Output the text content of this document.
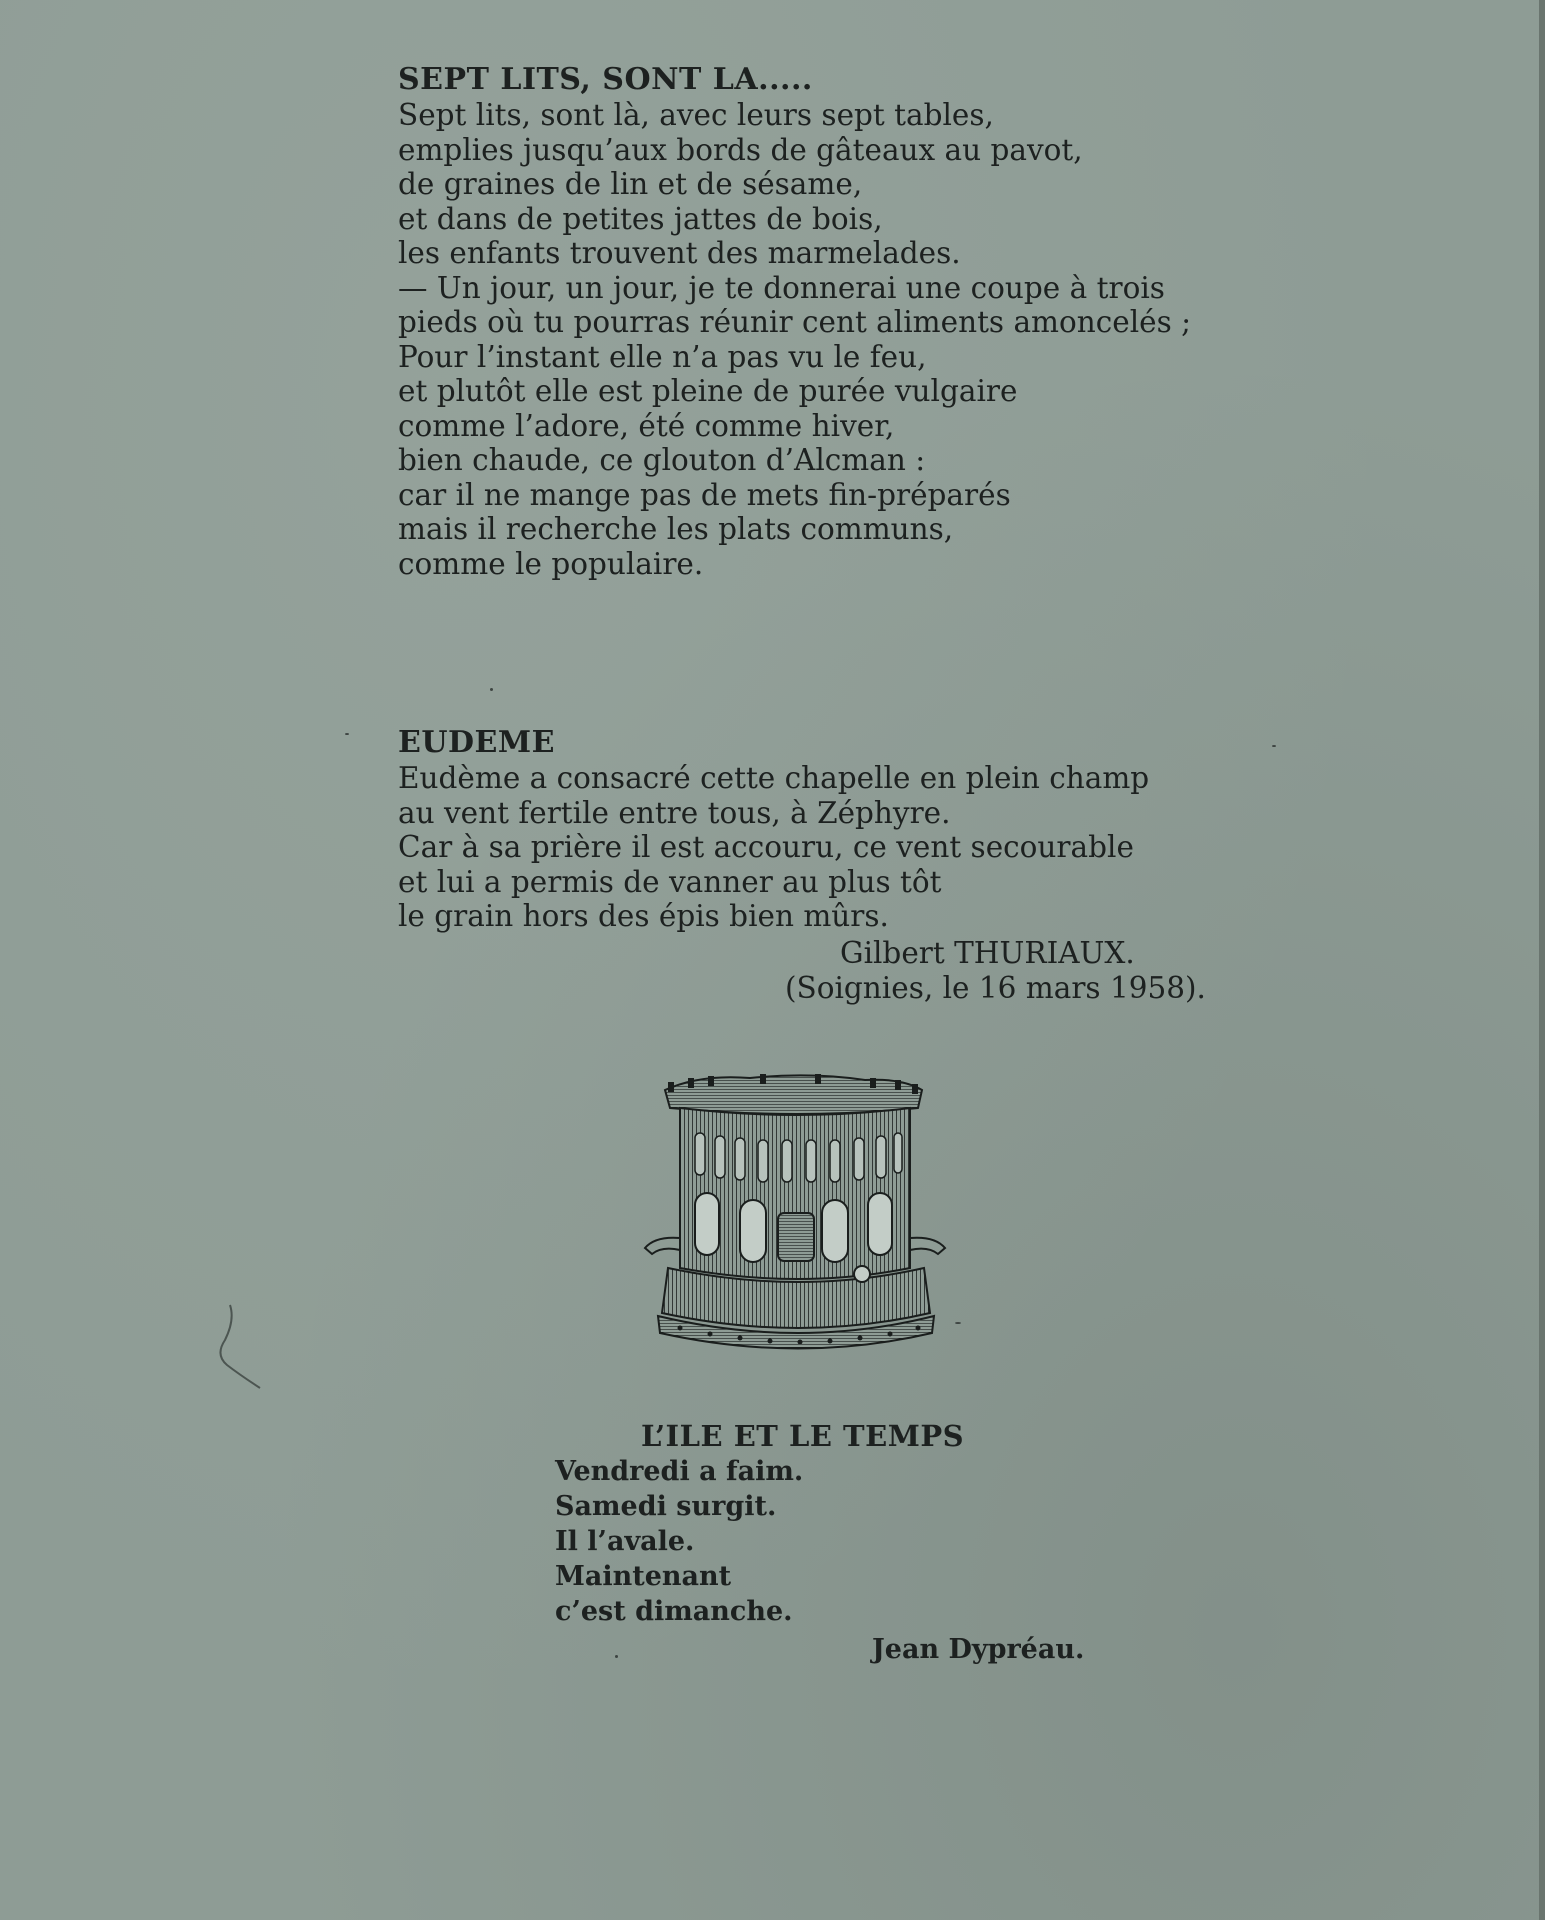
SEPT LITS, SONT LA.....

Sept lits, sont là, avec leurs sept tables,

emplies jusqu’aux bords de gâteaux au pavot,

de graines de lin et de sésame,

et dans de petites jattes de bois,

les enfants trouvent des marmelades.

— Un jour, un jour, je te donnerai une coupe à trois

pieds où tu pourras réunir cent aliments amoncelés ;

Pour l’instant elle n’a pas vu le feu,

et plutôt elle est pleine de purée vulgaire

comme l’adore, été comme hiver,

bien chaude, ce glouton d’Alcman :

car il ne mange pas de mets fin-préparés

mais il recherche les plats communs,

comme le populaire.

EUDEME

Eudème a consacré cette chapelle en plein champ

au vent fertile entre tous, à Zéphyre.

Car à sa prière il est accouru, ce vent secourable

et lui a permis de vanner au plus tôt

le grain hors des épis bien mûrs.

Gilbert THURIAUX.
(Soignies, le 16 mars 1958).

L’ILE ET LE TEMPS

Vendredi a faim.

Samedi surgit.

Il l’avale.

Maintenant

c’est dimanche.

Jean Dypréau.
